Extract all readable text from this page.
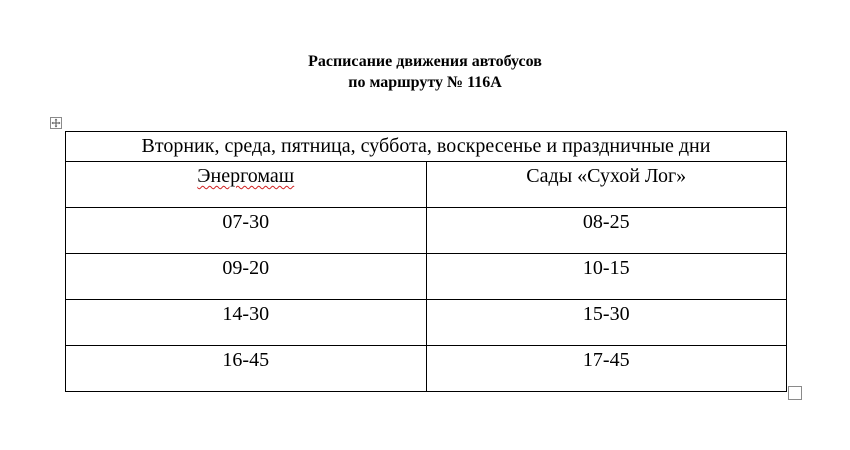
Расписание движения автобусов
по маршруту № 116А
Вторник, среда, пятница, суббота, воскресенье и праздничные дни	
Энергомаш	Сады «Сухой Лог»
07-30	08-25
09-20	10-15
14-30	15-30
16-45	17-45
